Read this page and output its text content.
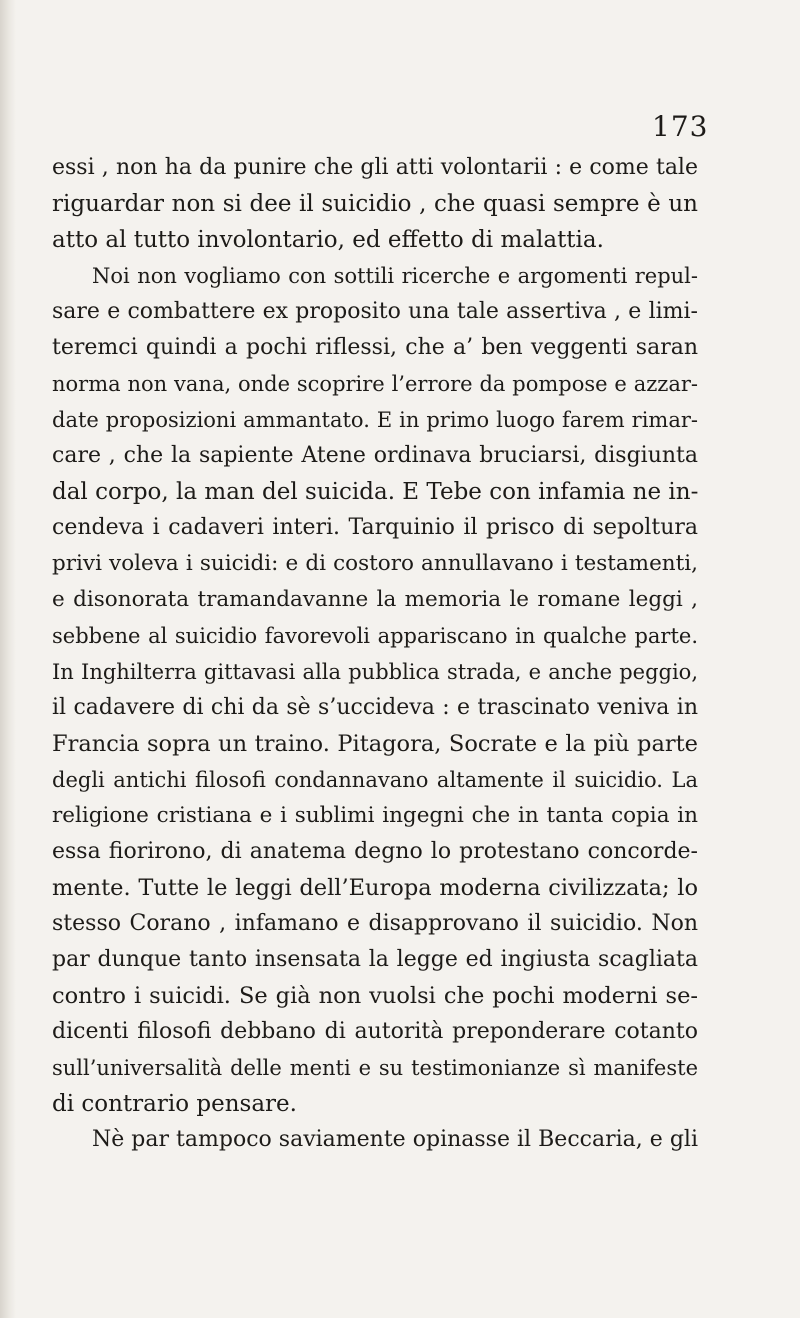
173
essi , non ha da punire che gli atti volontarii : e come tale
riguardar non si dee il suicidio , che quasi sempre è un
atto al tutto involontario, ed effetto di malattia.
Noi non vogliamo con sottili ricerche e argomenti repul-
sare e combattere ex proposito una tale assertiva , e limi-
teremci quindi a pochi riflessi, che a’ ben veggenti saran
norma non vana, onde scoprire l’errore da pompose e azzar-
date proposizioni ammantato. E in primo luogo farem rimar-
care , che la sapiente Atene ordinava bruciarsi, disgiunta
dal corpo, la man del suicida. E Tebe con infamia ne in-
cendeva i cadaveri interi. Tarquinio il prisco di sepoltura
privi voleva i suicidi: e di costoro annullavano i testamenti,
e disonorata tramandavanne la memoria le romane leggi ,
sebbene al suicidio favorevoli appariscano in qualche parte.
In Inghilterra gittavasi alla pubblica strada, e anche peggio,
il cadavere di chi da sè s’uccideva : e trascinato veniva in
Francia sopra un traino. Pitagora, Socrate e la più parte
degli antichi filosofi condannavano altamente il suicidio. La
religione cristiana e i sublimi ingegni che in tanta copia in
essa fiorirono, di anatema degno lo protestano concorde-
mente. Tutte le leggi dell’Europa moderna civilizzata; lo
stesso Corano , infamano e disapprovano il suicidio. Non
par dunque tanto insensata la legge ed ingiusta scagliata
contro i suicidi. Se già non vuolsi che pochi moderni se-
dicenti filosofi debbano di autorità preponderare cotanto
sull’universalità delle menti e su testimonianze sì manifeste
di contrario pensare.
Nè par tampoco saviamente opinasse il Beccaria, e gli
